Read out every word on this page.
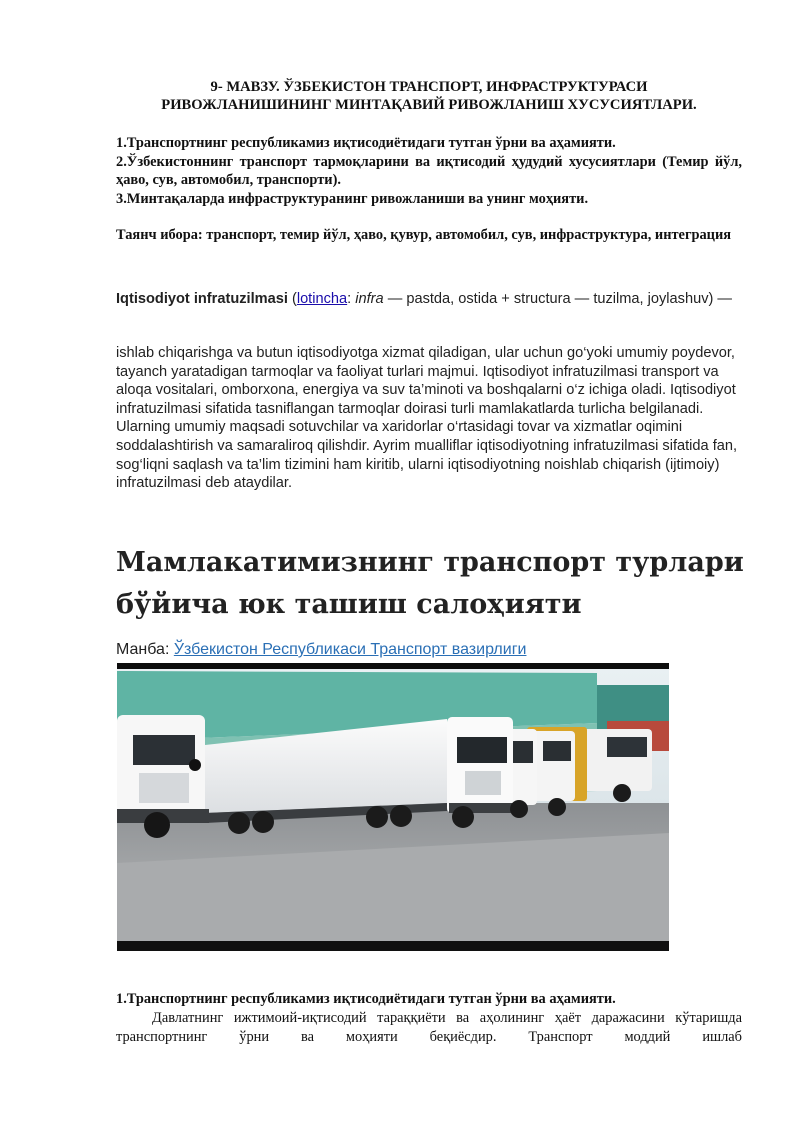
9- МАВЗУ. ЎЗБЕКИСТОН ТРАНСПОРТ, ИНФРАСТРУКТУРАСИ
РИВОЖЛАНИШИНИНГ МИНТАҚАВИЙ РИВОЖЛАНИШ ХУСУСИЯТЛАРИ.

1.Транспортнинг республикамиз иқтисодиётидаги тутган ўрни ва аҳамияти.

2.Ўзбекистоннинг транспорт тармоқларини ва иқтисодий ҳудудий хусусиятлари (Темир йўл, ҳаво, сув, автомобил, транспорти).

3.Минтақаларда инфраструктуранинг ривожланиши ва унинг моҳияти.

Таянч ибора: транспорт, темир йўл, ҳаво, қувур, автомобил, сув, инфраструктура, интеграция

Iqtisodiyot infratuzilmasi (lotincha: infra — pastda, ostida + structura — tuzilma, joylashuv) —

ishlab chiqarishga va butun iqtisodiyotga xizmat qiladigan, ular uchun go‘yoki umumiy poydevor, tayanch yaratadigan tarmoqlar va faoliyat turlari majmui. Iqtisodiyot infratuzilmasi transport va aloqa vositalari, omborxona, energiya va suv ta’minoti va boshqalarni o‘z ichiga oladi. Iqtisodiyot infratuzilmasi sifatida tasniflangan tarmoqlar doirasi turli mamlakatlarda turlicha belgilanadi. Ularning umumiy maqsadi sotuvchilar va xaridorlar o‘rtasidagi tovar va xizmatlar oqimini soddalashtirish va samaraliroq qilishdir. Ayrim mualliflar iqtisodiyotning infratuzilmasi sifatida fan, sog‘liqni saqlash va ta’lim tizimini ham kiritib, ularni iqtisodiyotning noishlab chiqarish (ijtimoiy) infratuzilmasi deb ataydilar.

Мамлакатимизнинг транспорт турлари
бўйича юк ташиш салоҳияти
Манба: Ўзбекистон Республикаси Транспорт вазирлиги

1.Транспортнинг республикамиз иқтисодиётидаги тутган ўрни ва аҳамияти.

Давлатнинг ижтимоий-иқтисодий тараққиёти ва аҳолининг ҳаёт даражасини кўтаришда транспортнинг ўрни ва моҳияти беқиёсдир. Транспорт моддий ишлаб
